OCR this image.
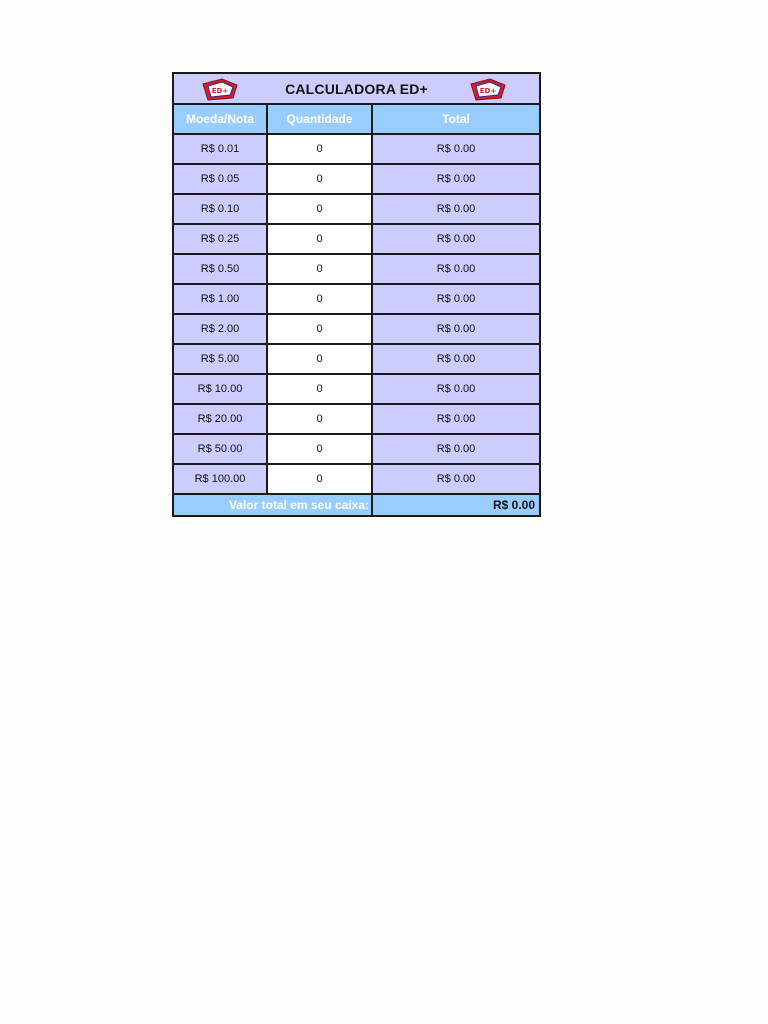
ED+	CALCULADORA ED+	ED+
Moeda/Nota	Quantidade	Total
R$ 0.01	0	R$ 0.00
R$ 0.05	0	R$ 0.00
R$ 0.10	0	R$ 0.00
R$ 0.25	0	R$ 0.00
R$ 0.50	0	R$ 0.00
R$ 1.00	0	R$ 0.00
R$ 2.00	0	R$ 0.00
R$ 5.00	0	R$ 0.00
R$ 10.00	0	R$ 0.00
R$ 20.00	0	R$ 0.00
R$ 50.00	0	R$ 0.00
R$ 100.00	0	R$ 0.00
Valor total em seu caixa:	R$ 0.00
